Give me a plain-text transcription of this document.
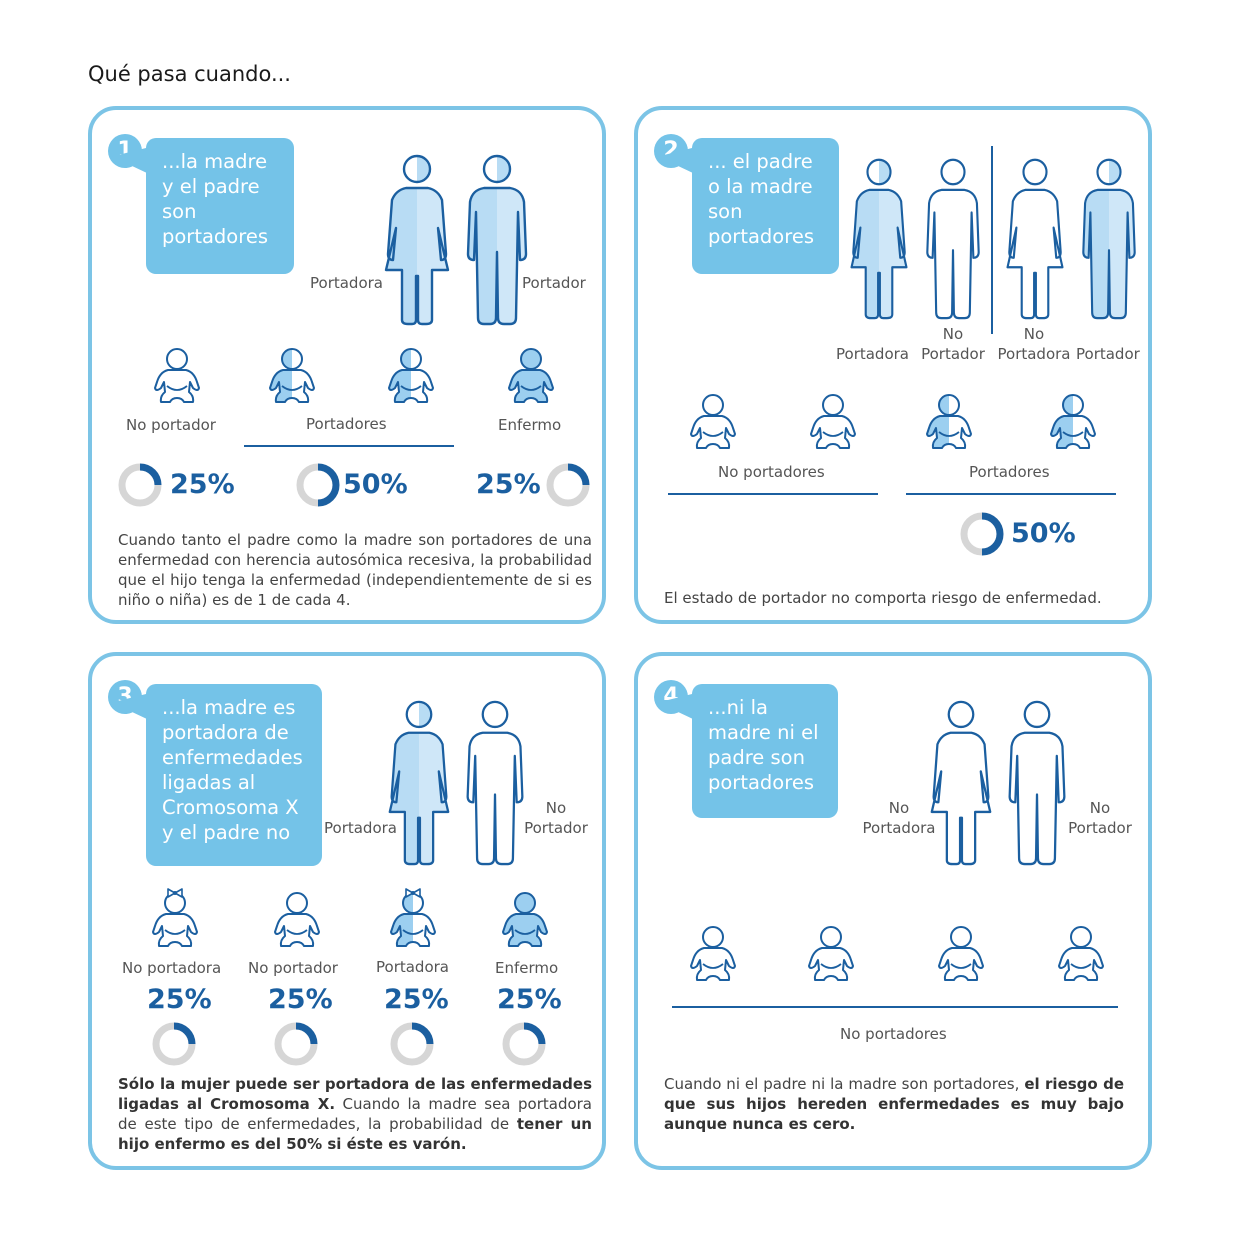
Qué pasa cuando...
1	...la madre
y el padre
son
portadores
Portadora	Portador
No portador	Portadores	Enfermo
25%	50%	25%
Cuando tanto el padre como la madre son portadores de una enfermedad con herencia autosómica recesiva, la probabilidad que el hijo tenga la enfermedad (independientemente de si es niño o niña) es de 1 de cada 4.
2	... el padre
o la madre
son
portadores
Portadora
No Portador
No Portadora Portador
No portadores	Portadores
50%
El estado de portador no comporta riesgo de enfermedad.
3	...la madre es
portadora de
enfermedades
ligadas al
Cromosoma X
y el padre no	Portadora
No Portador
No portadora No portador	Portadora	Enfermo
25% 25% 25% 25%
Sólo la mujer puede ser portadora de las enfermedades ligadas al Cromosoma X. Cuando la madre sea portadora de este tipo de enfermedades, la probabilidad de tener un hijo enfermo es del 50% si éste es varón.
4	...ni la
madre ni el
padre son
portadores
No Portadora
No Portador
No portadores
Cuando ni el padre ni la madre son portadores, el riesgo de que sus hijos hereden enfermedades es muy bajo aunque nunca es cero.
